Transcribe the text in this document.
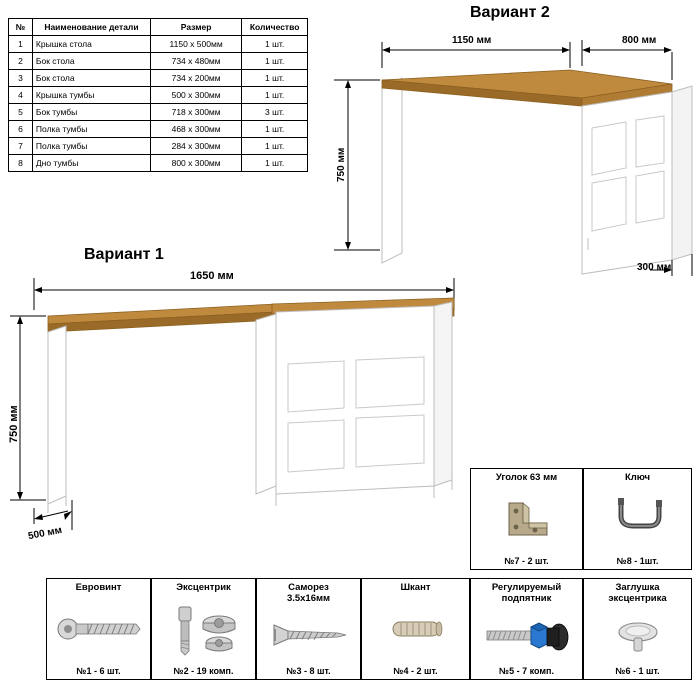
№	Наименование детали	Размер	Количество
1	Крышка стола	1150 x 500мм	1 шт.
2	Бок стола	734 x 480мм	1 шт.
3	Бок стола	734 x 200мм	1 шт.
4	Крышка тумбы	500 x 300мм	1 шт.
5	Бок тумбы	718 x 300мм	3 шт.
6	Полка тумбы	468 x 300мм	1 шт.
7	Полка тумбы	284 x 300мм	1 шт.
8	Дно тумбы	800 x 300мм	1 шт.
Вариант 2
1150 мм	800 мм
750 мм
300 мм
Вариант 1
1650 мм
750 мм
500 мм
Уголок 63 мм
№7 - 2 шт.
Ключ
№8 - 1шт.
Евровинт
№1 - 6 шт.
Эксцентрик
№2 - 19 комп.
Саморез
3.5x16мм
№3 - 8 шт.
Шкант
№4 - 2 шт.
Регулируемый
подпятник
№5 - 7 комп.
Заглушка
эксцентрика
№6 - 1 шт.
